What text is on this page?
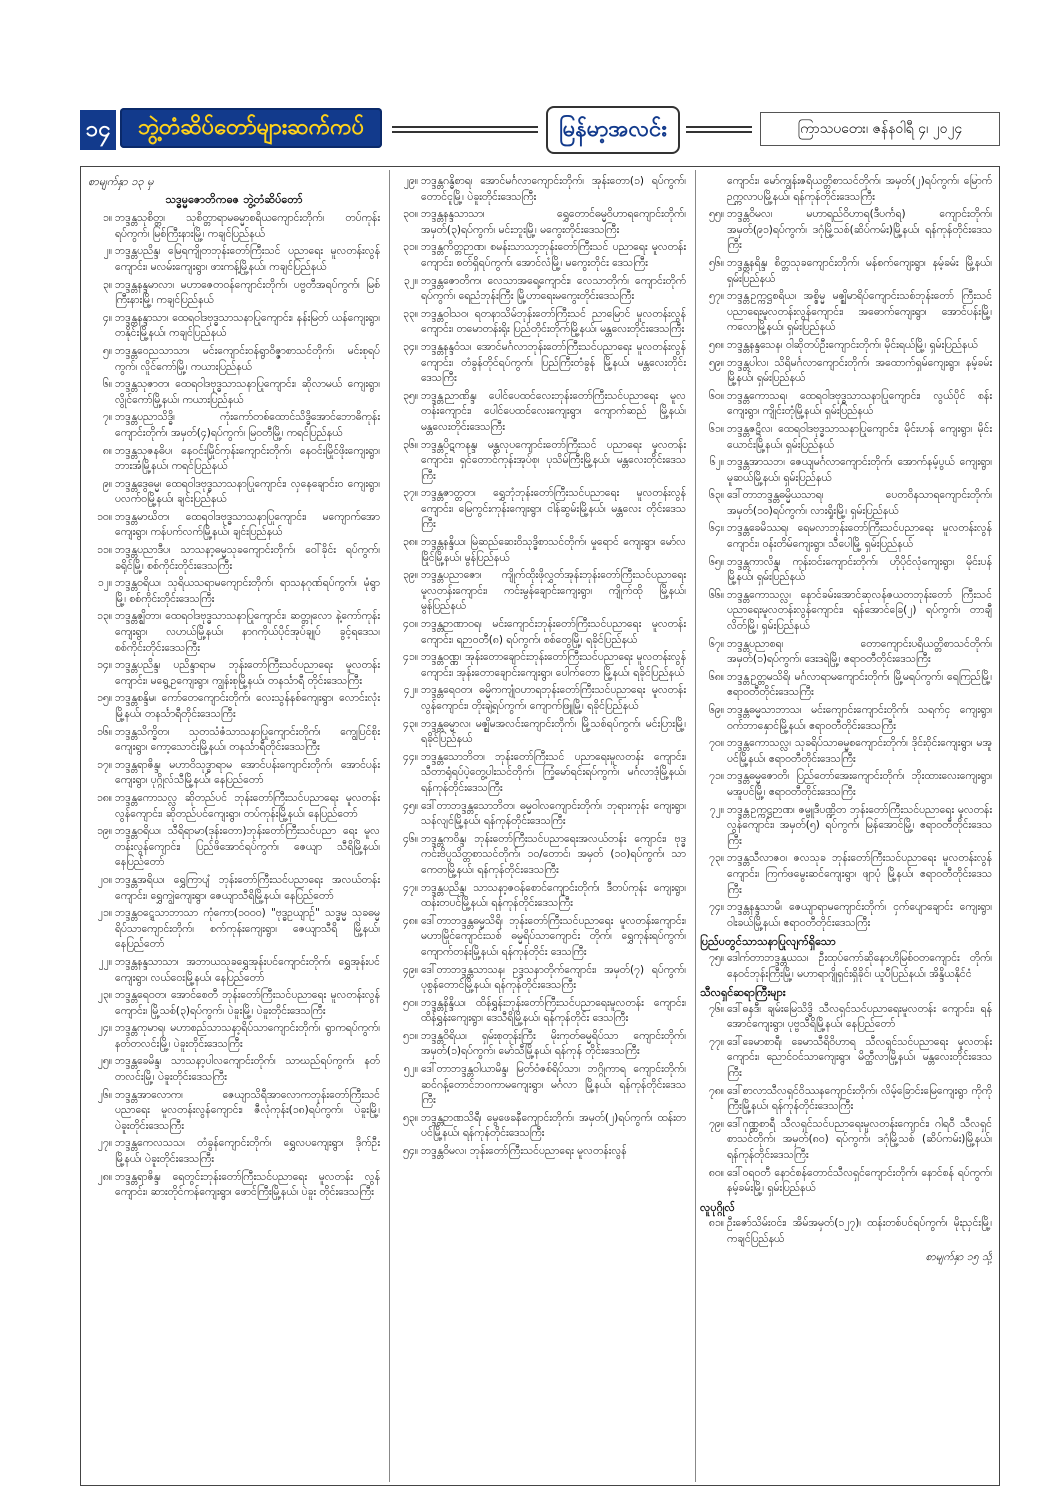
၁၄	ဘွဲ့တံဆိပ်တော်များဆက်ကပ်	မြန်မာ့အလင်း	ကြာသပတေး၊ ဇန်နဝါရီ ၄၊ ၂၀၂၄
စာမျက်နှာ ၁၃ မှ
သဒ္ဓမ္မဇောတိကဓဇ ဘွဲ့တံဆိပ်တော်
၁။ ဘဒ္ဒန္တသုစိတ္တ၊ သုစိတ္တာရာမဓမ္မာစရိယကျောင်းတိုက်၊ တပ်ကုန်း ရပ်ကွက်၊ မြစ်ကြီးနားမြို့၊ ကချင်ပြည်နယ်
၂။ ဘဒ္ဒန္တပညိန္ဒ၊ မြေရကျိုတဘုန်းတော်ကြီးသင် ပညာရေး မူလတန်းလွန်ကျောင်း၊ မလမ်းကျေးရွာ၊ ဖားကန့်မြို့နယ်၊ ကချင်ပြည်နယ်
၃။ ဘဒ္ဒန္တနန္ဒမာလာ၊ မဟာဇေတဝန်ကျောင်းတိုက်၊ ပဗ္ဗတီအရပ်ကွက်၊ မြစ်ကြီးနားမြို့၊ ကချင်ပြည်နယ်
၄။ ဘဒ္ဒန္တနန္ဒာသာ၊ ထေရဝါဒဗုဒ္ဓသာသနာပြုကျောင်း၊ နန်းမြတ် ယန်ကျေးရွာ၊ တနိုင်းမြို့နယ်၊ ကချင်ပြည်နယ်
၅။ ဘဒ္ဒန္တဝေညသာသာ၊ မင်းကျောင်းဝန်ရွာဝိဇ္ဇာစာသင်တိုက်၊ မင်းစုရပ်ကွက်၊ လိူင်ကော်မြို့၊ ကယားပြည်နယ်
၆။ ဘဒ္ဒန္တသုဇာတ၊ ထေရဝါဒဗုဒ္ဓသာသနာပြုကျောင်း၊ ဆိုလာမယ် ကျေးရွာ၊ လွိုင်ကော်မြို့နယ်၊ ကယားပြည်နယ်
၇။ ဘဒ္ဒန္တပညာသိဒ္ဓိ၊ ကုံးကော်တစ်ထောင်သိဒ္ဓိအောင်ဘောဓိကုန်း ကျောင်းတိုက်၊ အမှတ်(၄)ရပ်ကွက်၊ မြဝတီမြို့၊ ကရင်ပြည်နယ်
၈။ ဘဒ္ဒန္တသုဇနဓိပ၊ နေဝင်းမြိုင်ကုန်းကျောင်းတိုက်၊ နေဝင်းမြိုင်ဖိုးကျေးရွာ၊ ဘားအံမြို့နယ်၊ ကရင်ပြည်နယ်
၉။ ဘဒ္ဒန္တဒွေဓမ္မ၊ ထေရဝါဒဗုဒ္ဓသာသနာပြုကျောင်း၊ လှနေချောင်းဝ ကျေးရွာ၊ ပလက်ဝမြို့နယ်၊ ချင်းပြည်နယ်
၁၀။ ဘဒ္ဒန္တမာဃိတ၊ ထေရဝါဒဗုဒ္ဓသာသနာပြုကျောင်း၊ မကျောက်အော ကျေးရွာ၊ ကန်ပက်လက်မြို့နယ်၊ ချင်းပြည်နယ်
၁၁။ ဘဒ္ဒန္တပညာဒီပ၊ သာသနာ့ဓမ္မသုခကျောင်းတိုက်၊ ဝေါ်ခိုင်း ရပ်ကွက်၊ ခရိုင်မြို့၊ စစ်ကိုင်းတိုင်းဒေသကြီး
၁၂။ ဘဒ္ဒန္တဝရိယ၊ သုရိယသရာမကျောင်းတိုက်၊ ရာသနဂုဏ်ရပ်ကွက်၊ မုံရွာမြို့၊ စစ်ကိုင်းတိုင်းဒေသကြီး
၁၃။ ဘဒ္ဒန္တဇ္ဈိတာ၊ ထေရဝါဒဗုဒ္ဓသာသနာပြုကျောင်း၊ ဆတ္တုလော နဲ့ကော်ကုန်းကျေးရွာ၊ လဟယ်မြို့နယ်၊ နာဂကိုယ်ပိုင်အုပ်ချုပ် ခွင့်ရဒေသ၊ စစ်ကိုင်းတိုင်းဒေသကြီး
၁၄။ ဘဒ္ဒန္တပညိန္ဒ၊ ပညိန္ဒာရာမ ဘုန်းတော်ကြီးသင်ပညာရေး မူလတန်းကျောင်း၊ မရွေ့ဥကျေးရွာ၊ ကျွန်းစုမြို့နယ်၊ တနင်္သာရီ တိုင်းဒေသကြီး
၁၅။ ဘဒ္ဒန္တစန္ဒိမ၊ ကော်တေကျောင်းတိုက်၊ လေးသွန်နစ်ကျေးရွာ၊ လောင်းလုံးမြို့နယ်၊ တနင်္သာရီတိုင်းဒေသကြီး
၁၆။ ဘဒ္ဒန္တသိက္ခိတ၊ သုတသံဇံသာသနာပြုကျောင်းတိုက်၊ ကျွေပြင်စိုး ကျေးရွာ၊ ကော့သောင်းမြို့နယ်၊ တနင်္သာရီတိုင်းဒေသကြီး
၁၇။ ဘဒ္ဒန္တရာဇိန္ဒ၊ မဟာဝိသုဒ္ဓာရာမ အောင်ပန်းကျောင်းတိုက်၊ အောင်ပန်းကျေးရွာ၊ ပုဂ္ဂိုလ်သီမြို့နယ်၊ နေပြည်တော်
၁၈။ ဘဒ္ဒန္တကောသလ္လ ဆိုတည်ပင် ဘုန်းတော်ကြီးသင်ပညာရေး မူလတန်းလွန်ကျောင်း၊ ဆိုတည်ပင်ကျေးရွာ၊ တပ်ကုန်းမြို့နယ်၊ နေပြည်တော်
၁၉။ ဘဒ္ဒန္တဝရိယ၊ သီရိရာမာ(ဒုန်းတော)ဘုန်းတော်ကြီးသင်ပညာ ရေး မူလတန်းလွန်ကျောင်း၊ ပြည်ဖိအောင်ရပ်ကွက်၊ ဇေယျာ သီရိမြို့နယ်၊ နေပြည်တော်
၂၀။ ဘဒ္ဒန္တအရိယ၊ ရွှေကြာပျံ ဘုန်းတော်ကြီးသင်ပညာရေး အလယ်တန်းကျောင်း၊ ရွှေကျွဲကျေးရွာ၊ ဇေယျာသီရိမြို့နယ်၊ နေပြည်တော်
၂၁။ ဘဒ္ဒန္တဝဋ္ဋေသာဘာသာ ကုံကော(၁၀၀၀) "ဗုဒ္ဓဥယျာဉ်" သဒ္ဓမ္မ သုခဓမ္မရိပ်သာကျောင်းတိုက်၊ စက်ကုန်းကျေးရွာ၊ ဇေယျာသီရိ မြို့နယ်၊ နေပြည်တော်
၂၂။ ဘဒ္ဒန္တနန္ဒသာသာ၊ အဘာယသုခရွှေအုန်းပင်ကျောင်းတိုက်၊ ရွှေအုန်းပင်ကျေးရွာ၊ လယ်ဝေးမြို့နယ်၊ နေပြည်တော်
၂၃။ ဘဒ္ဒန္တရေဝတ၊ အောင်စေတီ ဘုန်းတော်ကြီးသင်ပညာရေး မူလတန်းလွန်ကျောင်း၊ မြို့သစ်(၃)ရပ်ကွက်၊ ပဲခူးမြို့၊ ပဲခူးတိုင်းဒေသကြီး
၂၄။ ဘဒ္ဒန္တကုမာရ၊ မဟာစည်သာသနာ့ရိပ်သာကျောင်းတိုက်၊ ရွာကရပ်ကွက်၊ နတ်တလင်းမြို့၊ ပဲခူးတိုင်းဒေသကြီး
၂၅။ ဘဒ္ဒန္တခေမိန္ဒ၊ သာသနာ့ပါလကျောင်းတိုက်၊ သာဃည်ရပ်ကွက်၊ နတ်တလင်းမြို့၊ ပဲခူးတိုင်းဒေသကြီး
၂၆။ ဘဒ္ဒန္တအာလောက၊ ဇေယျာသိရီအာလောကဘုန်းတော်ကြီးသင် ပညာရေး မူလတန်းလွန်ကျောင်း၊ ဇီလုံကုန်း(၁၈)ရပ်ကွက်၊ ပဲခူးမြို့၊ ပဲခူးတိုင်းဒေသကြီး
၂၇။ ဘဒ္ဒန္တကေလသသ၊ တံခွန်ကျောင်းတိုက်၊ ရွှေလပကျေးရွာ၊ ဒိုက်ဦး မြို့နယ်၊ ပဲခူးတိုင်းဒေသကြီး
၂၈။ ဘဒ္ဒန္တရာဇိန္ဒ၊ ရေတွင်းဘုန်းတော်ကြီးသင်ပညာရေး မူလတန်း လွန်ကျောင်း၊ ဆားတိုင်ကန်ကျေးရွာ၊ ဖောင်ကြီးမြို့နယ်၊ ပဲခူး တိုင်းဒေသကြီး
၂၉။ ဘဒ္ဒန္တဂန္ဓိစာရ၊ အောင်မင်္ဂလာကျောင်းတိုက်၊ အုန်းတော(၁) ရပ်ကွက်၊ တောင်ငူမြို့၊ ပဲခူးတိုင်းဒေသကြီး
၃၀။ ဘဒ္ဒန္တနန္ဒသာသာ၊ ရွှေတောင်ဓမ္မဝိဟာရကျောင်းတိုက်၊ အမှတ်(၃)ရပ်ကွက်၊ မင်းဘူးမြို့၊ မကွေးတိုင်းဒေသကြီး
၃၁။ ဘဒ္ဒန္တကိတ္တဉာဏ၊ စမန်းသာသာ့ဘုန်းတော်ကြီးသင် ပညာရေး မူလတန်းကျောင်း၊ စတ်ရှိရပ်ကွက်၊ အောင်လံမြို့၊ မကွေးတိုင်း ဒေသကြီး
၃၂။ ဘဒ္ဒန္တဇောတိက၊ လေသာအရေ့ကျောင်း၊ လေသာတိုက်၊ ကျောင်းတိုက်ရပ်ကွက်၊ ရေညံဘုန်းကြီး မြို့ဟာရေးမကွေးတိုင်းဒေသကြီး
၃၃။ ဘဒ္ဒန္တဝါသဝ၊ ရတနာသိမ်ဘုန်းတော်ကြီးသင် ညာမြောင် မူလတန်းလွန်ကျောင်း၊ တမောတန်းရိုး ပြည်တိုင်းတိုက်မြို့နယ်၊ မန္တလေးတိုင်းဒေသကြီး
၃၄။ ဘဒ္ဒန္တနန္ဒဝံသ၊ အောင်မင်္ဂလာဘုန်းတော်ကြီးသင်ပညာရေး မူလတန်းလွန်ကျောင်း၊ တံခွန်တိုင်ရပ်ကွက်၊ ပြည်ကြီးတံခွန် မြို့နယ်၊ မန္တလေးတိုင်းဒေသကြီး
၃၅။ ဘဒ္ဒန္တညာဏိန္ဒ၊ ပေါင်ပေထင်လေးဘုန်းတော်ကြီးသင်ပညာရေး မူလတန်းကျောင်း၊ ပေါင်ပေထင်လေးကျေးရွာ၊ ကျောက်ဆည် မြို့နယ်၊ မန္တလေးတိုင်းဒေသကြီး
၃၆။ ဘဒ္ဒန္တပိဋကနန္ဒ၊ မန္တလုပကျောင်းတော်ကြီးသင် ပညာရေး မူလတန်းကျောင်း၊ ရှင်တောင်ကုန်းအုပ်စု၊ ပုသိမ်ကြီးမြို့နယ်၊ မန္တလေးတိုင်းဒေသကြီး
၃၇။ ဘဒ္ဒန္တဇာတ္တတ၊ ရွှေဘုံဘုန်းတော်ကြီးသင်ပညာရေး မူလတန်းလွန် ကျောင်း၊ မြေကွင်းကုန်းကျေးရွာ၊ ငါန်ဆွမ်းမြို့နယ်၊ မန္တလေး တိုင်းဒေသကြီး
၃၈။ ဘဒ္ဒန္တနန္ဒိယ၊ မြဲဆည်ဆေးဝိသုဒ္ဓိစာသင်တိုက်၊ မှုရောင် ကျေးရွာ၊ မော်လမြိုင်မြို့နယ်၊ မွန်ပြည်နယ်
၃၉။ ဘဒ္ဒန္တပညာဇော၊ ကျိုက်ထိုးဖိုလွှတ်အုန်းဘုန်းတော်ကြီးသင်ပညာရေး မူလတန်းကျောင်း၊ ကင်းမွန်ချောင်းကျေးရွာ၊ ကျိုက်ထို မြို့နယ်၊ မွန်ပြည်နယ်
၄၀။ ဘဒ္ဒန္တဉာဏာဝရ၊ မင်းကျောင်းဘုန်းတော်ကြီးသင်ပညာရေး မူလတန်းကျောင်း၊ ရဉာဝတီ(၈) ရပ်ကွက်၊ စစ်တွေမြို့၊ ရခိုင်ပြည်နယ်
၄၁။ ဘဒ္ဒန္တဝဏ္ဏ၊ အုန်းတောချောင်းဘုန်းတော်ကြီးသင်ပညာရေး မူလတန်းလွန်ကျောင်း၊ အုန်းတောချောင်းကျေးရွာ၊ ပေါက်တော မြို့နယ်၊ ရခိုင်ပြည်နယ်
၄၂။ ဘဒ္ဒန္တရေဝတ၊ ဓမ္မိကကျုံဝဟာရဘုန်းတော်ကြီးသင်ပညာရေး မူလတန်းလွန်ကျောင်း၊ တိုးချဲ့ရပ်ကွက်၊ ကျောက်ဖြူမြို့၊ ရခိုင်ပြည်နယ်
၄၃။ ဘဒ္ဒန္တဓမ္မာလ၊ မဇ္ဈိမအလင်းကျောင်းတိုက်၊ မြို့သစ်ရပ်ကွက်၊ မင်းပြားမြို့၊ ရခိုင်ပြည်နယ်
၄၄။ ဘဒ္ဒန္တသောဘိတ၊ ဘုန်းတော်ကြီးသင် ပညာရေးမူလတန်း ကျောင်း၊ သီတာရုံရပ်ပဲ့တွေ့ပါးသင်တိုက်၊ ကြံ့မော်ရင်းရပ်ကွက်၊ မင်္ဂလာဒုံမြို့နယ်၊ ရန်ကုန်တိုင်းဒေသကြီး
၄၅။ ဒေါ်တာဘဒ္ဒန္တသောဘိတ၊ ဓမ္မဝါလကျောင်းတိုက်၊ ဘုရားကုန်း ကျေးရွာ၊ သန်လျင်မြို့နယ်၊ ရန်ကုန်တိုင်းဒေသကြီး
၄၆။ ဘဒ္ဒန္တကဝိန္ဒ၊ ဘုန်းတော်ကြီးသင်ပညာရေးအလယ်တန်း ကျောင်း၊ ဗုဒ္ဓကင်းဗိပ္ပသိတ္တစာသင်တိုက်၊ ၁၀/တောင်၊ အမှတ် (၁၀)ရပ်ကွက်၊ သာကေတမြို့နယ်၊ ရန်ကုန်တိုင်းဒေသကြီး
၄၇။ ဘဒ္ဒန္တပညိန္ဒ၊ သာသနာ့ဇဝန်စောင်ကျောင်းတိုက်၊ ဒီတပ်ကုန်း ကျေးရွာ၊ ထန်းတပင်မြို့နယ်၊ ရန်ကုန်တိုင်းဒေသကြီး
၄၈။ ဒေါ်တာဘဒ္ဒန္တဓမ္မသိရိ၊ ဘုန်းတော်ကြီးသင်ပညာရေး မူလတန်းကျောင်း၊ မဟာမြိုင်ကျောင်းသစ် ဓမ္မရိပ်သာကျောင်း တိုက်၊ ရွှေကုန်းရပ်ကွက်၊ ကျောက်တန်းမြို့နယ်၊ ရန်ကုန်တိုင်း ဒေသကြီး
၄၉။ ဒေါ်တာဘဒ္ဒန္တသာသန၊ ဥဒ္ဒသနာတိုက်ကျောင်း၊ အမှတ်(၇) ရပ်ကွက်၊ ပုစွန်တောင်မြို့နယ်၊ ရန်ကုန်တိုင်းဒေသကြီး
၅၀။ ဘဒ္ဒန္တနိန္ဒိယ၊ ထိန်ရွှန်းဘုန်းတော်ကြီးသင်ပညာရေးမူလတန်း ကျောင်း၊ ထိန်ရွှန်းကျေးရွာ၊ ဒေသီရိမြို့နယ်၊ ရန်ကုန်တိုင်း ဒေသကြီး
၅၁။ ဘဒ္ဒန္တဝိရိယ၊ ရှမ်းစုတုန်းကြီး မိုးကုတ်ဓမ္မရိပ်သာ ကျောင်းတိုက်၊ အမှတ်(၁)ရပ်ကွက်၊ မော်သီမြို့နယ်၊ ရန်ကုန် တိုင်းဒေသကြီး
၅၂။ ဒေါ်တာဘဒ္ဒန္တဝါယာမိန္ဒ၊ မြတ်ဝံဇစ်ရိပ်သာ၊ ဘဂ္ဂိုကာရ ကျောင်းတိုက်၊ ဆင်ဂန့်တောင်ဘဝကာမကျေးရွာ၊ မင်္ဂလာ မြို့နယ်၊ ရန်ကုန်တိုင်းဒေသကြီး
၅၃။ ဘဒ္ဒန္တဉာဏသိရီ၊ မွေဖေခနီကျောင်းတိုက်၊ အမှတ်(၂)ရပ်ကွက်၊ ထန်းတပင်မြို့နယ်၊ ရန်ကုန်တိုင်းဒေသကြီး
၅၄။ ဘဒ္ဒန္တဝိမလ၊ ဘုန်းတော်ကြီးသင်ပညာရေး မူလတန်းလွန်
ကျောင်း၊ မော်ကျွန်းဇရိယတ္တိစာသင်တိုက်၊ အမှတ်(၂)ရပ်ကွက်၊ မြောက်ဉက္ကလာပမြို့နယ်၊ ရန်ကုန်တိုင်းဒေသကြီး
၅၅။ ဘဒ္ဒန္တဝိမလ၊ မဟာရည်ဝိဟာရ(ဒီပင်္ကရ) ကျောင်းတိုက်၊ အမှတ်(၉၁)ရပ်ကွက်၊ ဒဂုံမြို့သစ်(ဆိပ်ကမ်း)မြို့နယ်၊ ရန်ကုန်တိုင်းဒေသကြီး
၅၆။ ဘဒ္ဒန္တနရိန္ဒ၊ စိတ္တသုခကျောင်းတိုက်၊ မန်စက်ကျေးရွာ၊ နမ့်ခမ်း မြို့နယ်၊ ရှမ်းပြည်နယ်
၅၇။ ဘဒ္ဒန္တဥက္ကဋ္ဌစရိယ၊ အစ္စိမ္မ မဇ္ဈိမာရိပ်ကျောင်းသစ်ဘုန်းတော် ကြီးသင်ပညာရေးမူလတန်းလွန်ကျောင်း၊ အဓောက်ကျေးရွာ၊ အောင်ပန်းမြို့၊ ကလောမြို့နယ်၊ ရှမ်းပြည်နယ်
၅၈။ ဘဒ္ဒန္တနန္ဒသေန၊ ဝါဆိုတပ်ဦးကျောင်းတိုက်၊ မိုင်းရယ်မြို့၊ ရှမ်းပြည်နယ်
၅၉။ ဘဒ္ဒန္တပါလ၊ သိရိမင်္ဂလာကျောင်းတိုက်၊ အထောက်ရှမ်ကျေးရွာ၊ နမ့်ခမ်းမြို့နယ်၊ ရှမ်းပြည်နယ်
၆၀။ ဘဒ္ဒန္တကောသရ၊ ထေရဝါဒဗုဒ္ဓသာသနာပြုကျောင်း၊ လွယ်ပိုင် စန်းကျေးရွာ၊ ကျိုင်းတုံမြို့နယ်၊ ရှမ်းပြည်နယ်
၆၁။ ဘဒ္ဒန္တဇဋိလ၊ ထေရဝါဒဗုဒ္ဓသာသနာပြုကျောင်း၊ မိုင်းဟန် ကျေးရွာ၊ မိုင်းယောင်းမြို့နယ်၊ ရှမ်းပြည်နယ်
၆၂။ ဘဒ္ဒန္တအာသဘ၊ ဇေယျမင်္ဂလာကျောင်းတိုက်၊ အောက်နမ့်ပွယ် ကျေးရွာ၊ မူဆယ်မြို့နယ်၊ ရှမ်းပြည်နယ်
၆၃။ ဒေါ်တာဘဒ္ဒန္တဓမ္မိယသာရ၊ ပေတဝိနသာရကျောင်းတိုက်၊ အမှတ်(၁၀)ရပ်ကွက်၊ လားရှိုးမြို့၊ ရှမ်းပြည်နယ်
၆၄။ ဘဒ္ဒန္တခေမိဿရ၊ ရေမလာဘုန်းတော်ကြီးသင်ပညာရေး မူလတန်းလွန်ကျောင်း၊ ဝန်းတိမ်ကျေးရွာ၊ သီပေါမြို့ ရှမ်းပြည်နယ်
၆၅။ ဘဒ္ဒန္တကာလိန္ဒ၊ ကုန်းဝင်းကျောင်းတိုက်၊ ဟိုပိုင်လုံကျေးရွာ၊ မိုင်းပန်မြို့နယ်၊ ရှမ်းပြည်နယ်
၆၆။ ဘဒ္ဒန္တကောသလ္လ၊ နောင်ခမ်းအောင်ဆုလန်ဇယတဘုန်းတော် ကြီးသင်ပညာရေးမူလတန်းလွန်ကျောင်း၊ ရန်အောင်ခြေ(၂) ရပ်ကွက်၊ တာချီလိတ်မြို့၊ ရှမ်းပြည်နယ်
၆၇။ ဘဒ္ဒန္တပညာစရ၊ တောကျောင်းပရိယတ္တိစာသင်တိုက်၊ အမှတ်(၁)ရပ်ကွက်၊ ဒေးဒရဲမြို့၊ ဧရာဝတီတိုင်းဒေသကြီး
၆၈။ ဘဒ္ဒန္တဥတ္တမသိရိ၊ မင်္ဂလာရာမကျောင်းတိုက်၊ မြို့မရပ်ကွက်၊ ရေကြည်မြို့၊ ဧရာဝတီတိုင်းဒေသကြီး
၆၉။ ဘဒ္ဒန္တဓမ္မသာဘာသ၊ မင်းကျောင်းကျောင်းတိုက်၊ သရက်ငှ ကျေးရွာ၊ ဝက်ဘာနှောင်မြို့နယ်၊ ဧရာဝတီတိုင်းဒေသကြီး
၇၀။ ဘဒ္ဒန္တကောသလ္လ၊ သုခရိပ်သာဓမ္မစကျောင်းတိုက်၊ ဒိုင်းဝိုင်းကျေးရွာ၊ မအူပင်မြို့နယ်၊ ဧရာဝတီတိုင်းဒေသကြီး
၇၁။ ဘဒ္ဒန္တဓမ္မဇောတိ၊ ပြည်တော်အေးကျောင်းတိုက်၊ ဘိုးထားလေးကျေးရွာ၊ မအူပင်မြို့၊ ဧရာဝတီတိုင်းဒေသကြီး
၇၂။ ဘဒ္ဒန္တဥက္ကဋ္ဌဉာဏ၊ ဇမ္ဗူဒီပဏ္ဍိတ ဘုန်းတော်ကြီးသင်ပညာရေး မူလတန်းလွန်ကျောင်း၊ အမှတ်(၅) ရပ်ကွက်၊ မြန်အောင်မြို့၊ ဧရာဝတီတိုင်းဒေသကြီး
၇၃။ ဘဒ္ဒန္တသီလာဇဝ၊ ဇလသုခ ဘုန်းတော်ကြီးသင်ပညာရေး မူလတန်းလွန်ကျောင်း၊ ကြက်ဖမွေးဆင်ကျေးရွာ၊ ဖျာပုံ မြို့နယ်၊ ဧရာဝတီတိုင်းဒေသကြီး
၇၄။ ဘဒ္ဒန္တနန္ဒသာမိ၊ ဇေယျာရာမကျောင်းတိုက်၊ ငှက်ပျောချောင်း ကျေးရွာ၊ ဝါးခယ်မြို့နယ်၊ ဧရာဝတီတိုင်းဒေသကြီး
ပြည်ပတွင်သာသနာပြုလျက်ရှိသော
၇၅။ ဒေါက်တာဘဒ္ဒန္တယသ၊ ဦးထုပ်ကော်ဆိုနောဟိမြစ်ဝတကျောင်း တိုက်၊ နေဝင်ဘုန်းကြီးမြို့၊ မဟာရာဂျိုရှင်းရှိခိုင်၊ ယူပီပြည်နယ်၊ အိန္ဒိယနိုင်ငံ
သီလရှင်ဆရာကြီးများ
၇၆။ ဒေါ်ဓနဒီ၊ ချမ်းမြေသိဒ္ဓိ သီလရှင်သင်ပညာရေးမူလတန်း ကျောင်း၊ ရန်အောင်ကျေးရွာ၊ ပုဗ္ဗသီရိမြို့နယ်၊ နေပြည်တော်
၇၇။ ဒေါ်ခေမာစာရီ၊ ခေမာသီရိဝိဟာရ သီလရှင်သင်ပညာရေး မူလတန်းကျောင်း၊ ညောင်ဝင်သာကျေးရွာ၊ မိတ္ထီလာမြို့နယ်၊ မန္တလေးတိုင်းဒေသကြီး
၇၈။ ဒေါ်စာလာသီလရှင်ဝိဿနကျောင်းတိုက်၊ လိမ့်ခြောင်းမြေကျေးရွာ ကိုကိုကြီးမြို့နယ်၊ ရန်ကုန်တိုင်းဒေသကြီး
၇၉။ ဒေါ်ဂုဏ္ဏစာရီ သီလရှင်သင်ပညာရေးမူလတန်းကျောင်း၊ ဂါရဝီ သီလရှင်စာသင်တိုက်၊ အမှတ်(၈၀) ရပ်ကွက်၊ ဒဂုံမြို့သစ် (ဆိပ်ကမ်း)မြို့နယ်၊ ရန်ကုန်တိုင်းဒေသကြီး
၈၀။ ဒေါ်ဝရဝတီ နောင်စန်တောင်သီလရှင်ကျောင်းတိုက်၊ နောင်စန် ရပ်ကွက်၊ နမ့်ခမ်းမြို့၊ ရှမ်းပြည်နယ်
လူပုဂ္ဂိုလ်
၈၁။ ဦးဇော်သိမ်းဝင်း၊ အိမ်အမှတ်(၁၂၇)၊ ထန်းတစ်ပင်ရပ်ကွက်၊ မိုးညှင်းမြို့၊ ကချင်ပြည်နယ်
စာမျက်နှာ ၁၅ သို့
